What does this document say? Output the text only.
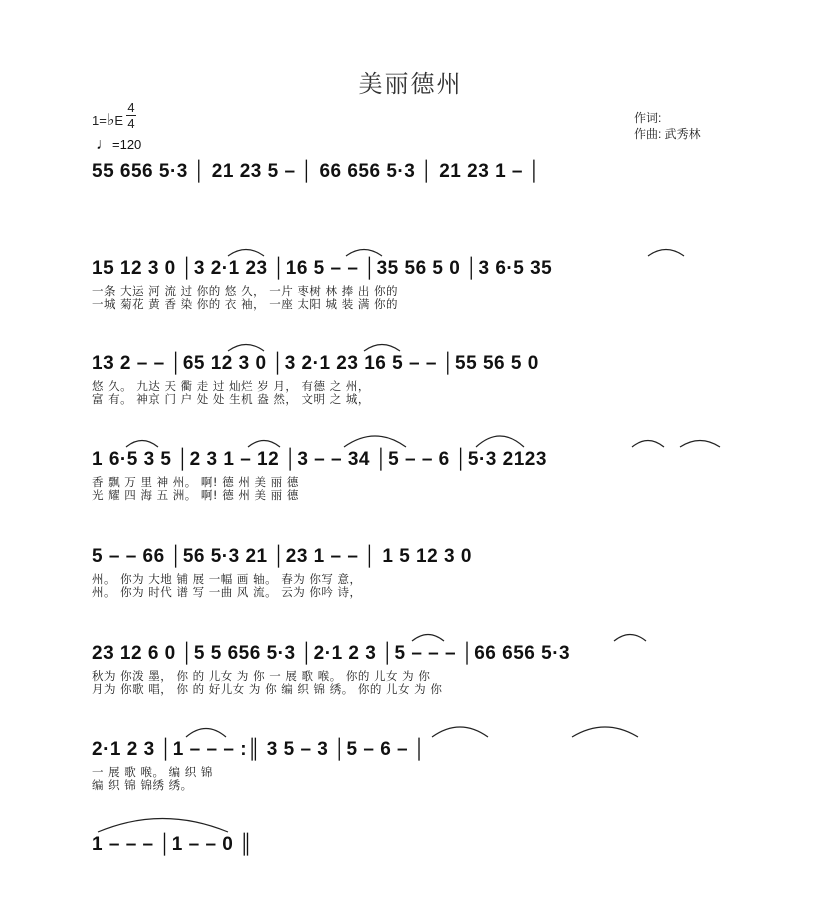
美丽德州
1=♭E
4
4
♩=120
作词:
作曲: 武秀林
55 656 5·3 │ 21 23 5 – │ 66 656 5·3 │ 21 23 1 – │
15 12 3 0 │3 2·1 23 │16 5 – – │35 56 5 0 │3 6·5 35
一条 大运 河 流 过 你的 悠 久， 一片 枣树 林 捧 出 你的
一城 菊花 黄 香 染 你的 衣 袖， 一座 太阳 城 装 满 你的
13 2 – – │65 12 3 0 │3 2·1 23 16 5 – – │55 56 5 0
悠 久。 九达 天 衢 走 过 灿烂 岁 月， 有德 之 州，
富 有。 神京 门 户 处 处 生机 盎 然， 文明 之 城，
1 6·5 3 5 │2 3 1 – 12 │3 – – 34 │5 – – 6 │5·3 2123
香 飘 万 里 神 州。 啊! 德 州 美 丽 德
光 耀 四 海 五 洲。 啊! 德 州 美 丽 德
5 – – 66 │56 5·3 21 │23 1 – – │ 1 5 12 3 0
州。 你为 大地 铺 展 一幅 画 轴。 春为 你写 意，
州。 你为 时代 谱 写 一曲 风 流。 云为 你吟 诗，
23 12 6 0 │5 5 656 5·3 │2·1 2 3 │5 – – – │66 656 5·3
秋为 你泼 墨， 你 的 儿女 为 你 一 展 歌 喉。 你的 儿女 为 你
月为 你歌 唱， 你 的 好儿女 为 你 编 织 锦 绣。 你的 儿女 为 你
2·1 2 3 │1 – – – :║ 3 5 – 3 │5 – 6 – │
一 展 歌 喉。 编 织 锦
编 织 锦 锦绣 绣。
1 – – – │1 – – 0 ║
